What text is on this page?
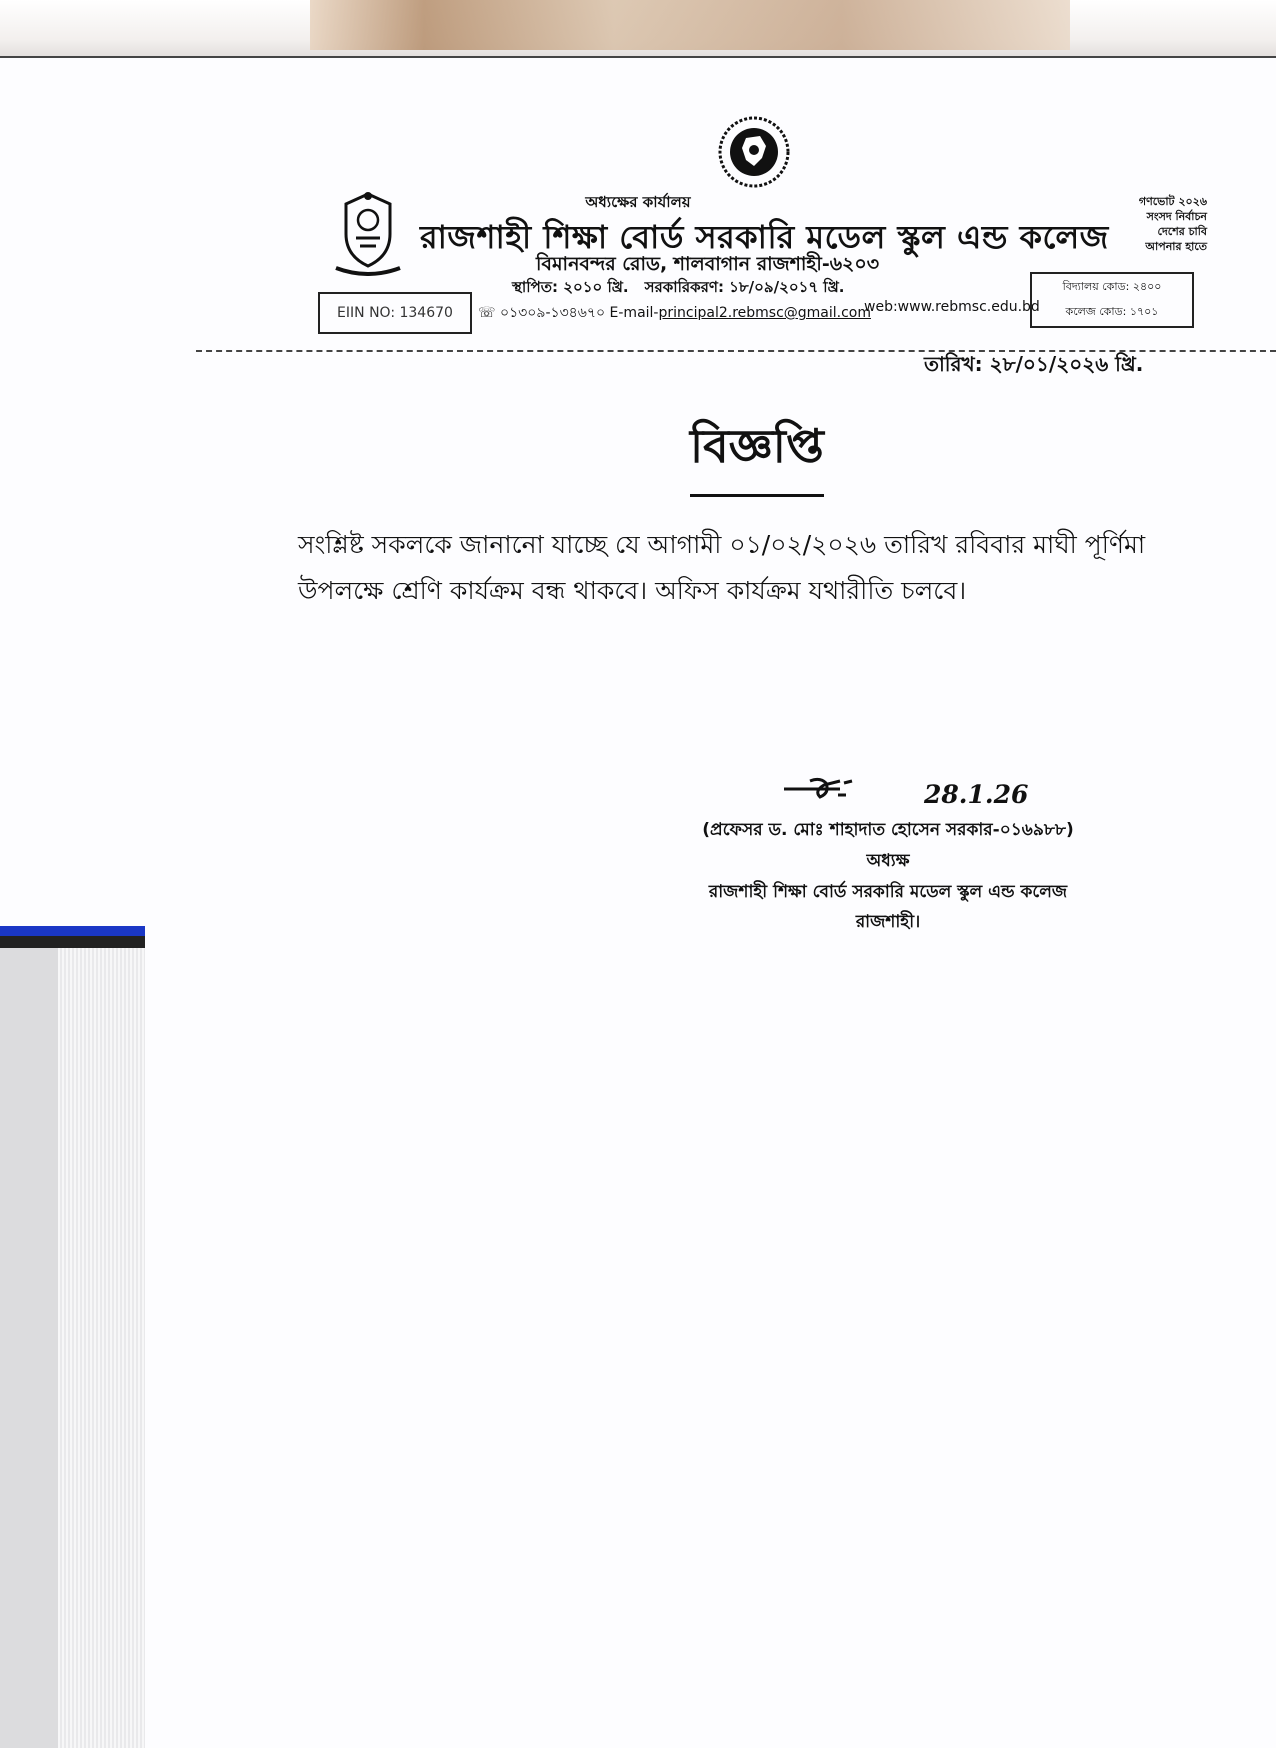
অধ্যক্ষের কার্যালয়
রাজশাহী শিক্ষা বোর্ড সরকারি মডেল স্কুল এন্ড কলেজ
বিমানবন্দর রোড, শালবাগান রাজশাহী-৬২০৩
স্থাপিত: ২০১০ খ্রি. সরকারিকরণ: ১৮/০৯/২০১৭ খ্রি.
গণভোট ২০২৬
সংসদ নির্বাচন
দেশের চাবি
আপনার হাতে
EIIN NO: 134670	☏ ০১৩০৯-১৩৪৬৭০ E-mail-principal2.rebmsc@gmail.com
web:www.rebmsc.edu.bd
বিদ্যালয় কোড: ২৪০০
কলেজ কোড: ১৭০১
তারিখ: ২৮/০১/২০২৬ খ্রি.
বিজ্ঞপ্তি

সংশ্লিষ্ট সকলকে জানানো যাচ্ছে যে আগামী ০১/০২/২০২৬ তারিখ রবিবার মাঘী পূর্ণিমা

উপলক্ষে শ্রেণি কার্যক্রম বন্ধ থাকবে। অফিস কার্যক্রম যথারীতি চলবে।

28.1.26
(প্রফেসর ড. মোঃ শাহাদাত হোসেন সরকার-০১৬৯৮৮)
অধ্যক্ষ
রাজশাহী শিক্ষা বোর্ড সরকারি মডেল স্কুল এন্ড কলেজ
রাজশাহী।
